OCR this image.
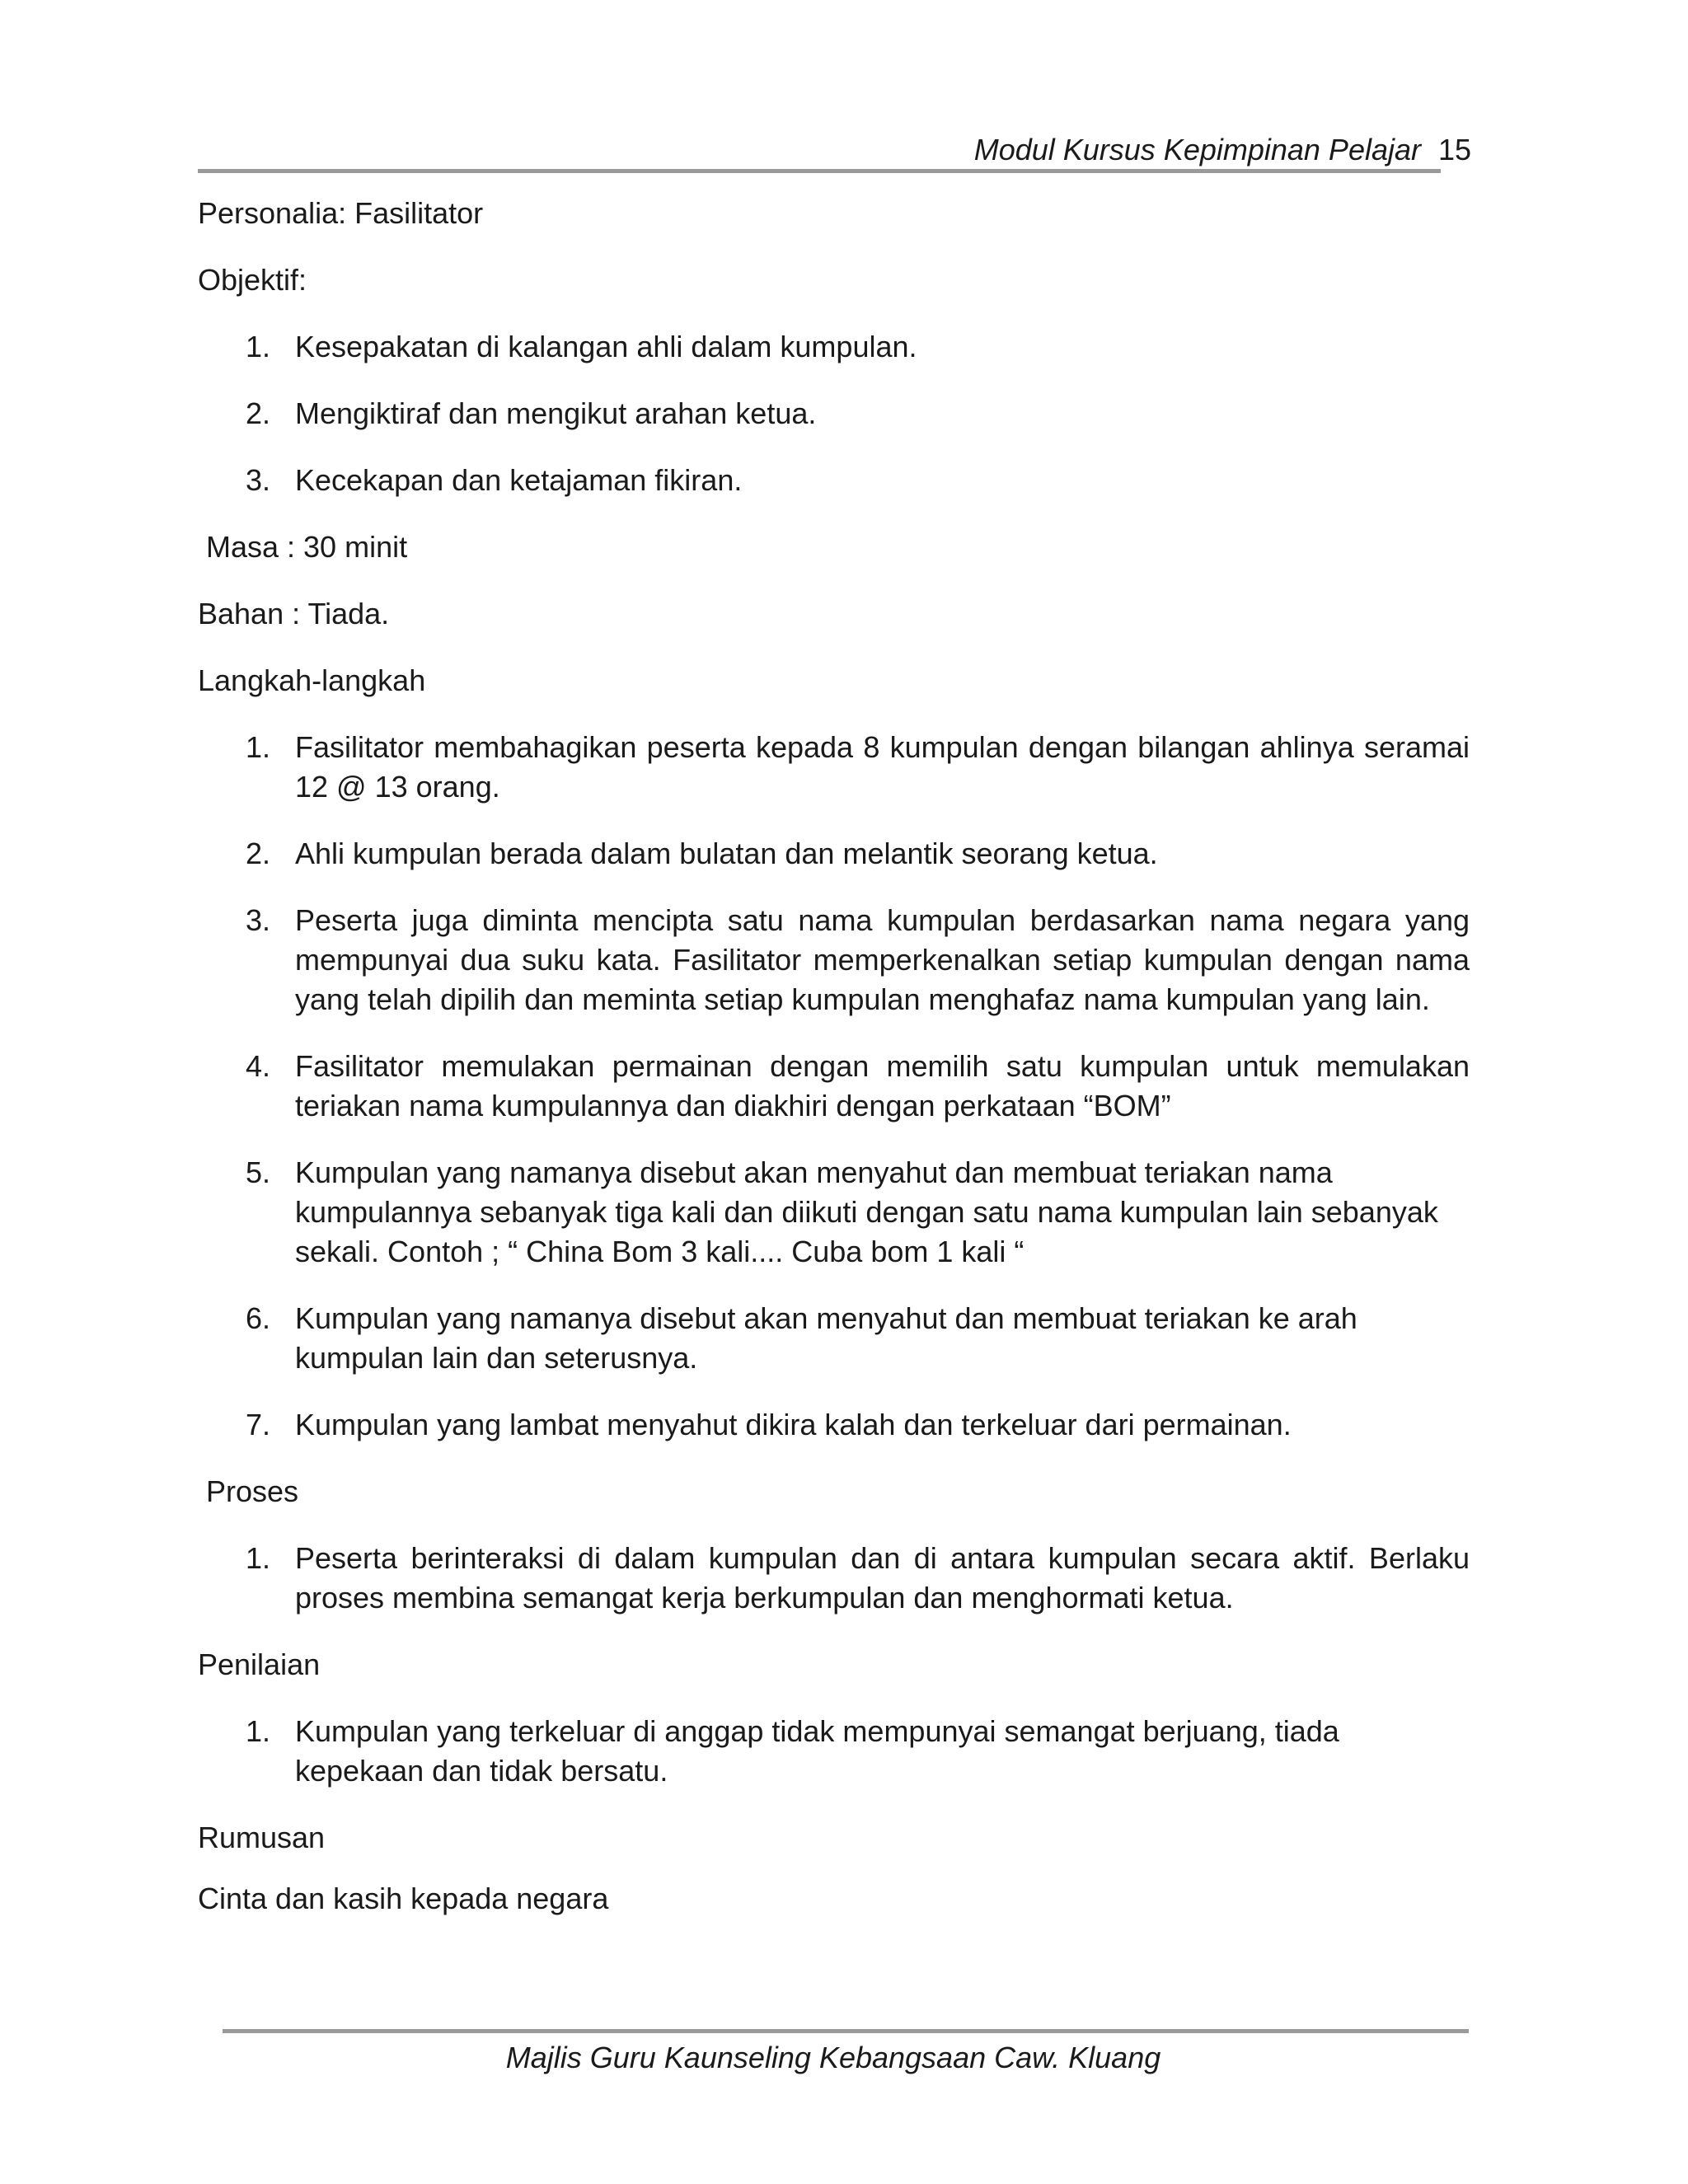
Modul Kursus Kepimpinan Pelajar 15
Personalia: Fasilitator
Objektif:
1. Kesepakatan di kalangan ahli dalam kumpulan.
2. Mengiktiraf dan mengikut arahan ketua.
3. Kecekapan dan ketajaman fikiran.
Masa : 30 minit
Bahan : Tiada.
Langkah-langkah
1. Fasilitator membahagikan peserta kepada 8 kumpulan dengan bilangan ahlinya seramai
12 @ 13 orang.
2. Ahli kumpulan berada dalam bulatan dan melantik seorang ketua.
3. Peserta juga diminta mencipta satu nama kumpulan berdasarkan nama negara yang
mempunyai dua suku kata. Fasilitator memperkenalkan setiap kumpulan dengan nama
yang telah dipilih dan meminta setiap kumpulan menghafaz nama kumpulan yang lain.
4. Fasilitator memulakan permainan dengan memilih satu kumpulan untuk memulakan
teriakan nama kumpulannya dan diakhiri dengan perkataan “BOM”
5. Kumpulan yang namanya disebut akan menyahut dan membuat teriakan nama
kumpulannya sebanyak tiga kali dan diikuti dengan satu nama kumpulan lain sebanyak
sekali. Contoh ; “ China Bom 3 kali.... Cuba bom 1 kali “
6. Kumpulan yang namanya disebut akan menyahut dan membuat teriakan ke arah
kumpulan lain dan seterusnya.
7. Kumpulan yang lambat menyahut dikira kalah dan terkeluar dari permainan.
Proses
1. Peserta berinteraksi di dalam kumpulan dan di antara kumpulan secara aktif. Berlaku
proses membina semangat kerja berkumpulan dan menghormati ketua.
Penilaian
1. Kumpulan yang terkeluar di anggap tidak mempunyai semangat berjuang, tiada
kepekaan dan tidak bersatu.
Rumusan
Cinta dan kasih kepada negara
Majlis Guru Kaunseling Kebangsaan Caw. Kluang
